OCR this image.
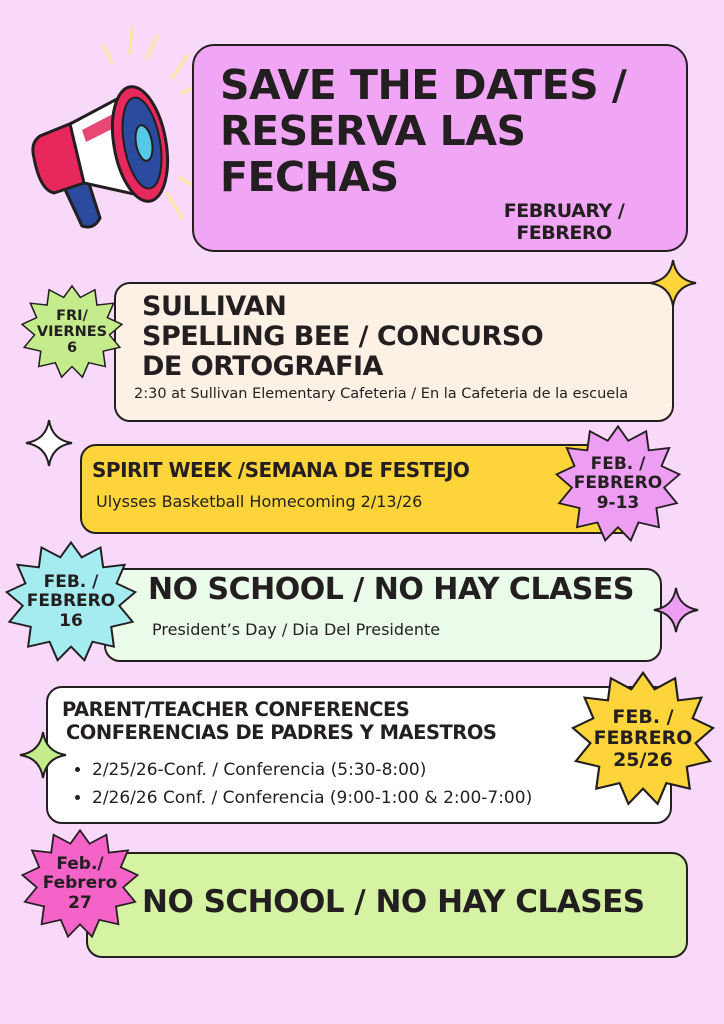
SAVE THE DATES /
RESERVA LAS
FECHAS
FEBRUARY /
FEBRERO
SULLIVAN
SPELLING BEE / CONCURSO
DE ORTOGRAFIA
2:30 at Sullivan Elementary Cafeteria / En la Cafeteria de la escuela
SPIRIT WEEK /SEMANA DE FESTEJO
Ulysses Basketball Homecoming 2/13/26
NO SCHOOL / NO HAY CLASES
President’s Day / Dia Del Presidente
PARENT/TEACHER CONFERENCES
CONFERENCIAS DE PADRES Y MAESTROS
• 2/25/26-Conf. / Conferencia (5:30-8:00)
• 2/26/26 Conf. / Conferencia (9:00-1:00 & 2:00-7:00)
NO SCHOOL / NO HAY CLASES
FRI/
VIERNES
6
FEB. /
FEBRERO
9-13
FEB. /
FEBRERO
16
FEB. /
FEBRERO
25/26
Feb./
Febrero
27
